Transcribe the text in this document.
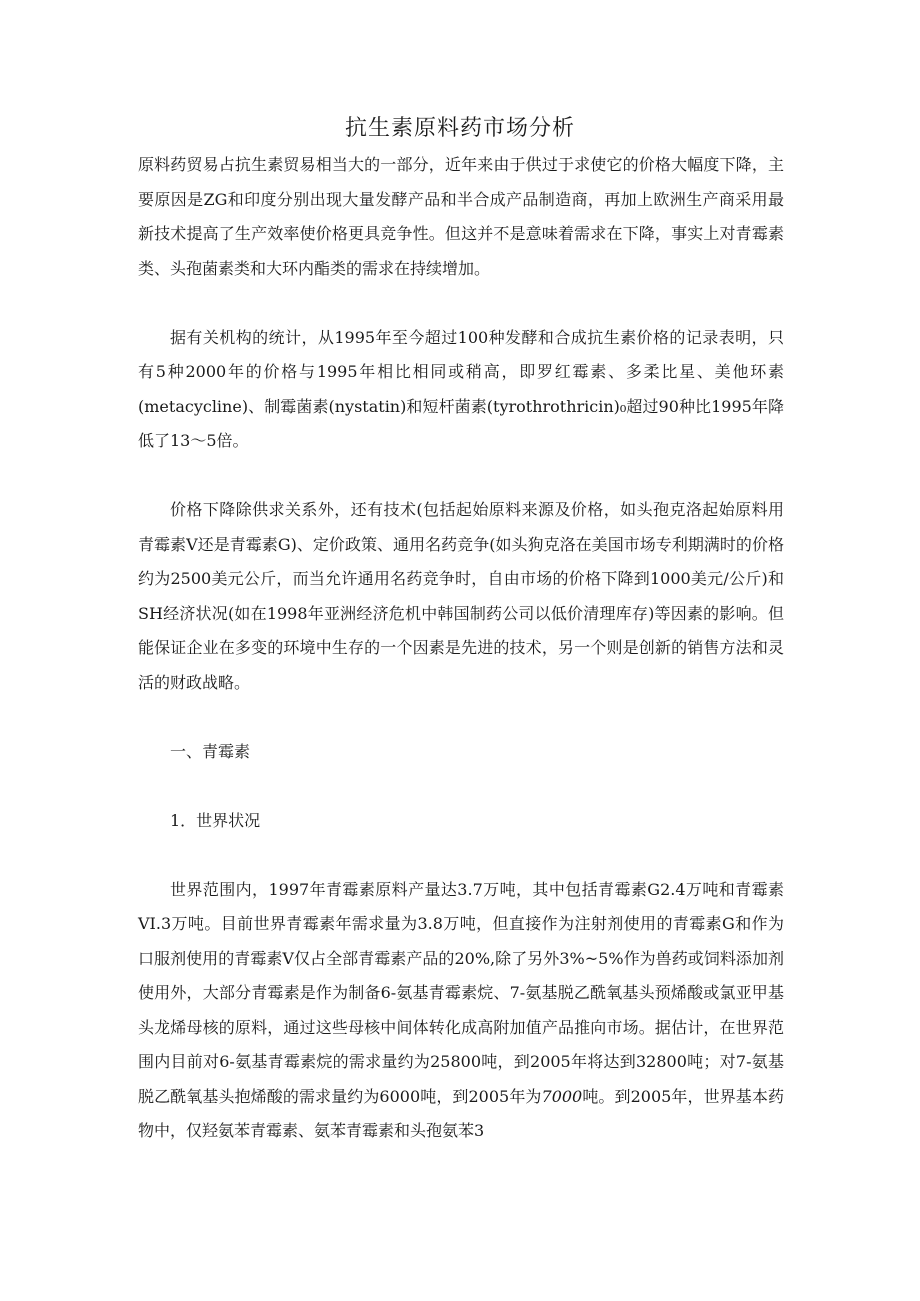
抗生素原料药市场分析

原料药贸易占抗生素贸易相当大的一部分，近年来由于供过于求使它的价格大幅度下降，主要原因是ZG和印度分别出现大量发酵产品和半合成产品制造商，再加上欧洲生产商采用最新技术提高了生产效率使价格更具竞争性。但这并不是意味着需求在下降，事实上对青霉素类、头孢菌素类和大环内酯类的需求在持续增加。

据有关机构的统计，从1995年至今超过100种发酵和合成抗生素价格的记录表明，只有5种2000年的价格与1995年相比相同或稍高，即罗红霉素、多柔比星、美他环素(metacycline)、制霉菌素(nystatin)和短杆菌素(tyrothrothricin)₀超过90种比1995年降低了13～5倍。

价格下降除供求关系外，还有技术(包括起始原料来源及价格，如头孢克洛起始原料用青霉素V还是青霉素G)、定价政策、通用名药竞争(如头狗克洛在美国市场专利期满时的价格约为2500美元公斤，而当允许通用名药竞争时，自由市场的价格下降到1000美元/公斤)和SH经济状况(如在1998年亚洲经济危机中韩国制药公司以低价清理库存)等因素的影响。但能保证企业在多变的环境中生存的一个因素是先进的技术，另一个则是创新的销售方法和灵活的财政战略。

一、青霉素
1．世界状况

世界范围内，1997年青霉素原料产量达3.7万吨，其中包括青霉素G2.4万吨和青霉素VI.3万吨。目前世界青霉素年需求量为3.8万吨，但直接作为注射剂使用的青霉素G和作为口服剂使用的青霉素V仅占全部青霉素产品的20%,除了另外3%~5%作为兽药或饲料添加剂使用外，大部分青霉素是作为制备6-氨基青霉素烷、7-氨基脱乙酰氧基头预烯酸或氯亚甲基头龙烯母核的原料，通过这些母核中间体转化成高附加值产品推向市场。据估计，在世界范围内目前对6-氨基青霉素烷的需求量约为25800吨，到2005年将达到32800吨；对7-氨基脱乙酰氧基头抱烯酸的需求量约为6000吨，到2005年为7000吨。到2005年，世界基本药物中，仅羟氨苯青霉素、氨苯青霉素和头孢氨苯3
